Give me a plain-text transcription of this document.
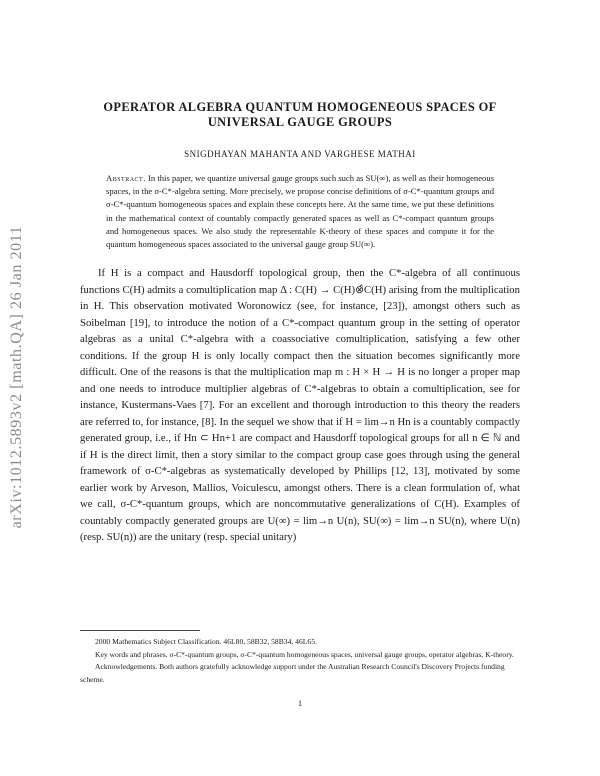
arXiv:1012.5893v2 [math.QA] 26 Jan 2011
OPERATOR ALGEBRA QUANTUM HOMOGENEOUS SPACES OF
UNIVERSAL GAUGE GROUPS
SNIGDHAYAN MAHANTA AND VARGHESE MATHAI
Abstract. In this paper, we quantize universal gauge groups such such as SU(∞), as well as their homogeneous spaces, in the σ-C*-algebra setting. More precisely, we propose concise definitions of σ-C*-quantum groups and σ-C*-quantum homogeneous spaces and explain these concepts here. At the same time, we put these definitions in the mathematical context of countably compactly generated spaces as well as C*-compact quantum groups and homogeneous spaces. We also study the representable K-theory of these spaces and compute it for the quantum homogeneous spaces associated to the universal gauge group SU(∞).
If H is a compact and Hausdorff topological group, then the C*-algebra of all continuous functions C(H) admits a comultiplication map Δ : C(H) → C(H)⊗̂C(H) arising from the multiplication in H. This observation motivated Woronowicz (see, for instance, [23]), amongst others such as Soibelman [19], to introduce the notion of a C*-compact quantum group in the setting of operator algebras as a unital C*-algebra with a coassociative comultiplication, satisfying a few other conditions. If the group H is only locally compact then the situation becomes significantly more difficult. One of the reasons is that the multiplication map m : H × H → H is no longer a proper map and one needs to introduce multiplier algebras of C*-algebras to obtain a comultiplication, see for instance, Kustermans-Vaes [7]. For an excellent and thorough introduction to this theory the readers are referred to, for instance, [8]. In the sequel we show that if H = lim→n Hn is a countably compactly generated group, i.e., if Hn ⊂ Hn+1 are compact and Hausdorff topological groups for all n ∈ ℕ and if H is the direct limit, then a story similar to the compact group case goes through using the general framework of σ-C*-algebras as systematically developed by Phillips [12, 13], motivated by some earlier work by Arveson, Mallios, Voiculescu, amongst others. There is a clean formulation of, what we call, σ-C*-quantum groups, which are noncommutative generalizations of C(H). Examples of countably compactly generated groups are U(∞) = lim→n U(n), SU(∞) = lim→n SU(n), where U(n) (resp. SU(n)) are the unitary (resp. special unitary)

2000 Mathematics Subject Classification. 46L80, 58B32, 58B34, 46L65.

Key words and phrases. σ-C*-quantum groups, σ-C*-quantum homogeneous spaces, universal gauge groups, operator algebras, K-theory.

Acknowledgements. Both authors gratefully acknowledge support under the Australian Research Council's Discovery Projects funding scheme.

1
